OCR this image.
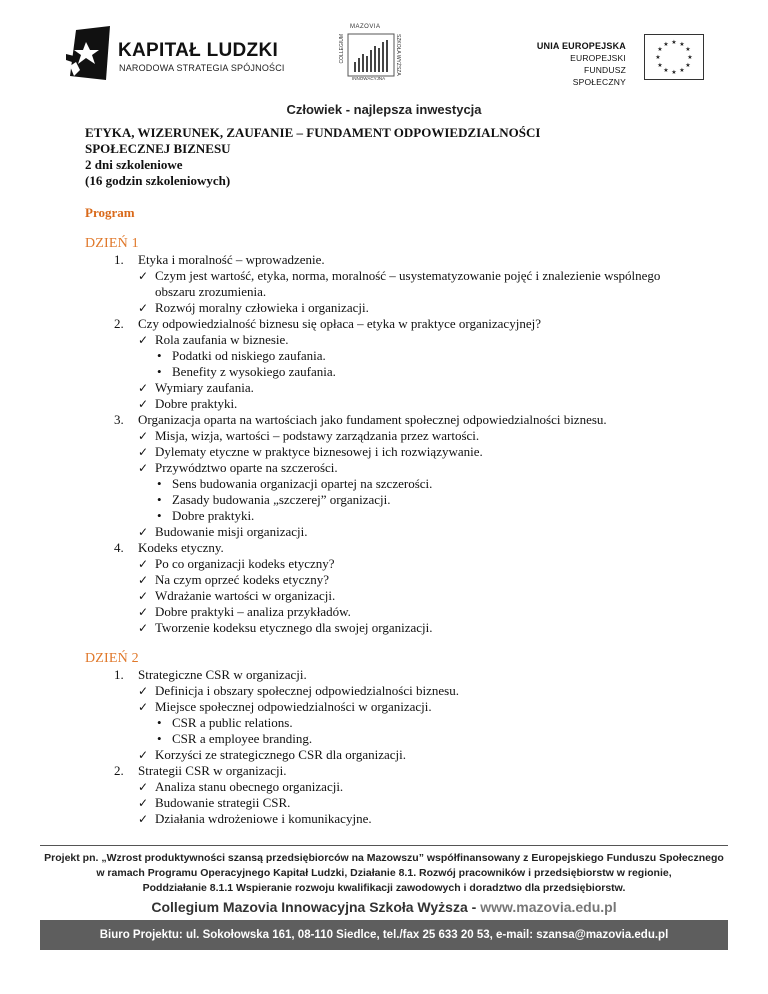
KAPITAŁ LUDZKI
NARODOWA STRATEGIA SPÓJNOŚCI
MAZOVIA
COLLEGIUM	SZKOŁA WYŻSZA
INNOWACYJNA
UNIA EUROPEJSKA
EUROPEJSKI
FUNDUSZ SPOŁECZNY
★ ★
★
★
★
★
★
★
★
★
★
★
Człowiek - najlepsza inwestycja
ETYKA, WIZERUNEK, ZAUFANIE – FUNDAMENT ODPOWIEDZIALNOŚCI
SPOŁECZNEJ BIZNESU
2 dni szkoleniowe
(16 godzin szkoleniowych)
Program
DZIEŃ 1
1. Etyka i moralność – wprowadzenie.
✓ Czym jest wartość, etyka, norma, moralność – usystematyzowanie pojęć i znalezienie wspólnego obszaru zrozumienia.
✓ Rozwój moralny człowieka i organizacji.
2. Czy odpowiedzialność biznesu się opłaca – etyka w praktyce organizacyjnej?
✓ Rola zaufania w biznesie.
• Podatki od niskiego zaufania.
• Benefity z wysokiego zaufania.
✓ Wymiary zaufania.
✓ Dobre praktyki.
3. Organizacja oparta na wartościach jako fundament społecznej odpowiedzialności biznesu.
✓ Misja, wizja, wartości – podstawy zarządzania przez wartości.
✓ Dylematy etyczne w praktyce biznesowej i ich rozwiązywanie.
✓ Przywództwo oparte na szczerości.
• Sens budowania organizacji opartej na szczerości.
• Zasady budowania „szczerej” organizacji.
• Dobre praktyki.
✓ Budowanie misji organizacji.
4. Kodeks etyczny.
✓ Po co organizacji kodeks etyczny?
✓ Na czym oprzeć kodeks etyczny?
✓ Wdrażanie wartości w organizacji.
✓ Dobre praktyki – analiza przykładów.
✓ Tworzenie kodeksu etycznego dla swojej organizacji.
DZIEŃ 2
1. Strategiczne CSR w organizacji.
✓ Definicja i obszary społecznej odpowiedzialności biznesu.
✓ Miejsce społecznej odpowiedzialności w organizacji.
• CSR a public relations.
• CSR a employee branding.
✓ Korzyści ze strategicznego CSR dla organizacji.
2. Strategii CSR w organizacji.
✓ Analiza stanu obecnego organizacji.
✓ Budowanie strategii CSR.
✓ Działania wdrożeniowe i komunikacyjne.
Projekt pn. „Wzrost produktywności szansą przedsiębiorców na Mazowszu” współfinansowany z Europejskiego Funduszu Społecznego
w ramach Programu Operacyjnego Kapitał Ludzki, Działanie 8.1. Rozwój pracowników i przedsiębiorstw w regionie,
Poddziałanie 8.1.1 Wspieranie rozwoju kwalifikacji zawodowych i doradztwo dla przedsiębiorstw.
Collegium Mazovia Innowacyjna Szkoła Wyższa - www.mazovia.edu.pl
Biuro Projektu: ul. Sokołowska 161, 08-110 Siedlce, tel./fax 25 633 20 53, e-mail: szansa@mazovia.edu.pl
